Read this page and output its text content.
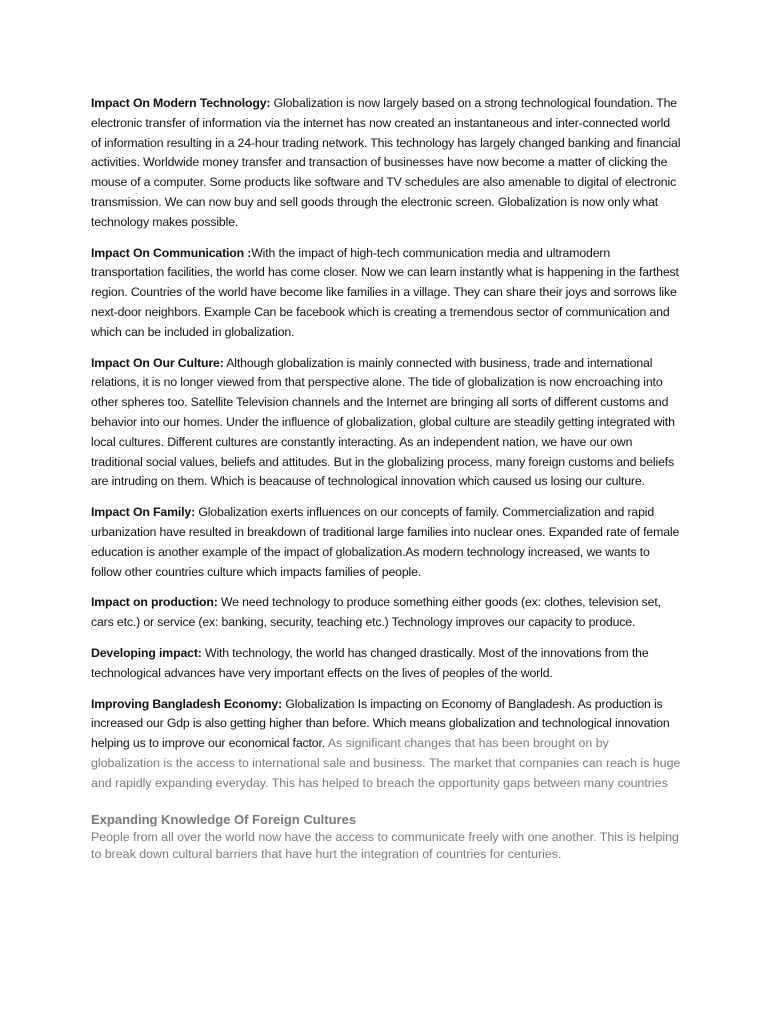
Impact On Modern Technology: Globalization is now largely based on a strong technological foundation. The electronic transfer of information via the internet has now created an instantaneous and inter-connected world of information resulting in a 24-hour trading network. This technology has largely changed banking and financial activities. Worldwide money transfer and transaction of businesses have now become a matter of clicking the mouse of a computer. Some products like software and TV schedules are also amenable to digital of electronic transmission. We can now buy and sell goods through the electronic screen. Globalization is now only what technology makes possible.

Impact On Communication :With the impact of high-tech communication media and ultramodern transportation facilities, the world has come closer. Now we can learn instantly what is happening in the farthest region. Countries of the world have become like families in a village. They can share their joys and sorrows like next-door neighbors. Example Can be facebook which is creating a tremendous sector of communication and which can be included in globalization.

Impact On Our Culture: Although globalization is mainly connected with business, trade and international relations, it is no longer viewed from that perspective alone. The tide of globalization is now encroaching into other spheres too. Satellite Television channels and the Internet are bringing all sorts of different customs and behavior into our homes. Under the influence of globalization, global culture are steadily getting integrated with local cultures. Different cultures are constantly interacting. As an independent nation, we have our own traditional social values, beliefs and attitudes. But in the globalizing process, many foreign customs and beliefs are intruding on them. Which is beacause of technological innovation which caused us losing our culture.

Impact On Family: Globalization exerts influences on our concepts of family. Commercialization and rapid urbanization have resulted in breakdown of traditional large families into nuclear ones. Expanded rate of female education is another example of the impact of globalization.As modern technology increased, we wants to follow other countries culture which impacts families of people.

Impact on production: We need technology to produce something either goods (ex: clothes, television set, cars etc.) or service (ex: banking, security, teaching etc.) Technology improves our capacity to produce.

Developing impact: With technology, the world has changed drastically. Most of the innovations from the technological advances have very important effects on the lives of peoples of the world.

Improving Bangladesh Economy: Globalization Is impacting on Economy of Bangladesh. As production is increased our Gdp is also getting higher than before. Which means globalization and technological innovation helping us to improve our economical factor. As significant changes that has been brought on by globalization is the access to international sale and business. The market that companies can reach is huge and rapidly expanding everyday. This has helped to breach the opportunity gaps between many countries

Expanding Knowledge Of Foreign Cultures

People from all over the world now have the access to communicate freely with one another. This is helping to break down cultural barriers that have hurt the integration of countries for centuries.
